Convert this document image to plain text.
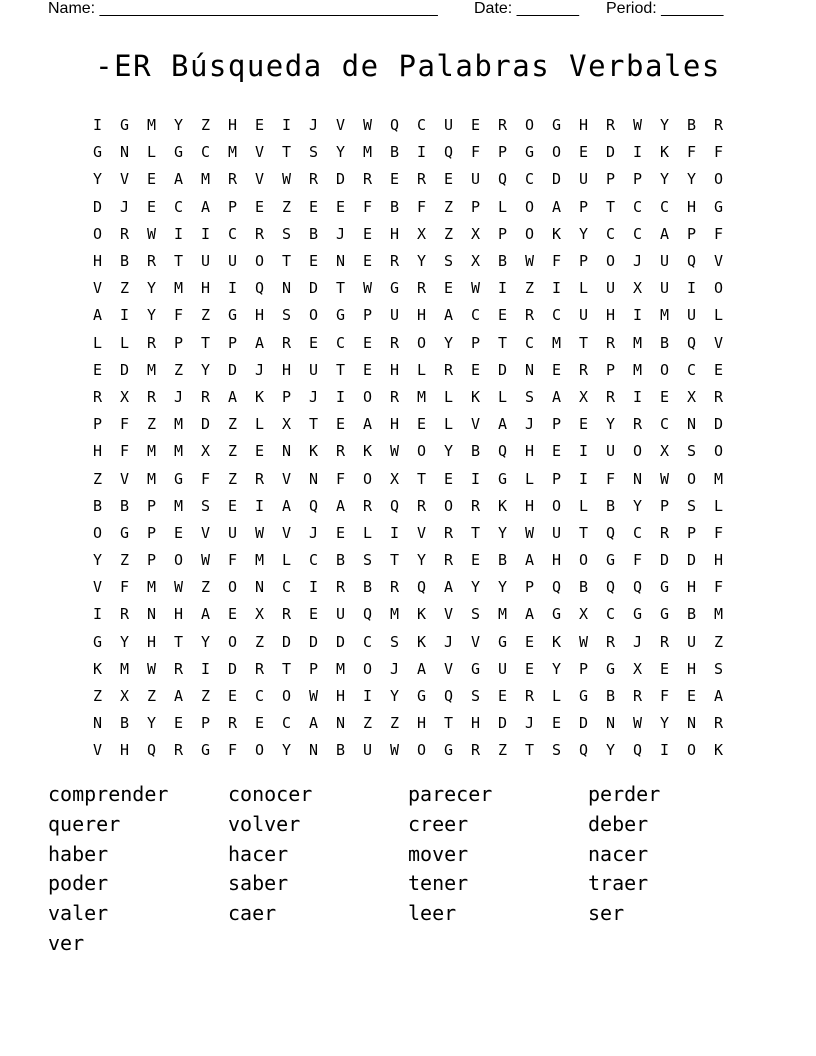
Name: ______________________________________

Date: _______

Period: _______

-ER Búsqueda de Palabras Verbales
I	G	M	Y	Z	H	E	I	J	V	W	Q	C	U	E	R	O	G	H	R	W	Y	B	R
G	N	L	G	C	M	V	T	S	Y	M	B	I	Q	F	P	G	O	E	D	I	K	F	F
Y	V	E	A	M	R	V	W	R	D	R	E	R	E	U	Q	C	D	U	P	P	Y	Y	O
D	J	E	C	A	P	E	Z	E	E	F	B	F	Z	P	L	O	A	P	T	C	C	H	G
O	R	W	I	I	C	R	S	B	J	E	H	X	Z	X	P	O	K	Y	C	C	A	P	F
H	B	R	T	U	U	O	T	E	N	E	R	Y	S	X	B	W	F	P	O	J	U	Q	V
V	Z	Y	M	H	I	Q	N	D	T	W	G	R	E	W	I	Z	I	L	U	X	U	I	O
A	I	Y	F	Z	G	H	S	O	G	P	U	H	A	C	E	R	C	U	H	I	M	U	L
L	L	R	P	T	P	A	R	E	C	E	R	O	Y	P	T	C	M	T	R	M	B	Q	V
E	D	M	Z	Y	D	J	H	U	T	E	H	L	R	E	D	N	E	R	P	M	O	C	E
R	X	R	J	R	A	K	P	J	I	O	R	M	L	K	L	S	A	X	R	I	E	X	R
P	F	Z	M	D	Z	L	X	T	E	A	H	E	L	V	A	J	P	E	Y	R	C	N	D
H	F	M	M	X	Z	E	N	K	R	K	W	O	Y	B	Q	H	E	I	U	O	X	S	O
Z	V	M	G	F	Z	R	V	N	F	O	X	T	E	I	G	L	P	I	F	N	W	O	M
B	B	P	M	S	E	I	A	Q	A	R	Q	R	O	R	K	H	O	L	B	Y	P	S	L
O	G	P	E	V	U	W	V	J	E	L	I	V	R	T	Y	W	U	T	Q	C	R	P	F
Y	Z	P	O	W	F	M	L	C	B	S	T	Y	R	E	B	A	H	O	G	F	D	D	H
V	F	M	W	Z	O	N	C	I	R	B	R	Q	A	Y	Y	P	Q	B	Q	Q	G	H	F
I	R	N	H	A	E	X	R	E	U	Q	M	K	V	S	M	A	G	X	C	G	G	B	M
G	Y	H	T	Y	O	Z	D	D	D	C	S	K	J	V	G	E	K	W	R	J	R	U	Z
K	M	W	R	I	D	R	T	P	M	O	J	A	V	G	U	E	Y	P	G	X	E	H	S
Z	X	Z	A	Z	E	C	O	W	H	I	Y	G	Q	S	E	R	L	G	B	R	F	E	A
N	B	Y	E	P	R	E	C	A	N	Z	Z	H	T	H	D	J	E	D	N	W	Y	N	R
V	H	Q	R	G	F	O	Y	N	B	U	W	O	G	R	Z	T	S	Q	Y	Q	I	O	K
comprender	conocer	parecer	perder
querer	volver	creer	deber
haber	hacer	mover	nacer
poder	saber	tener	traer
valer	caer	leer	ser
ver
